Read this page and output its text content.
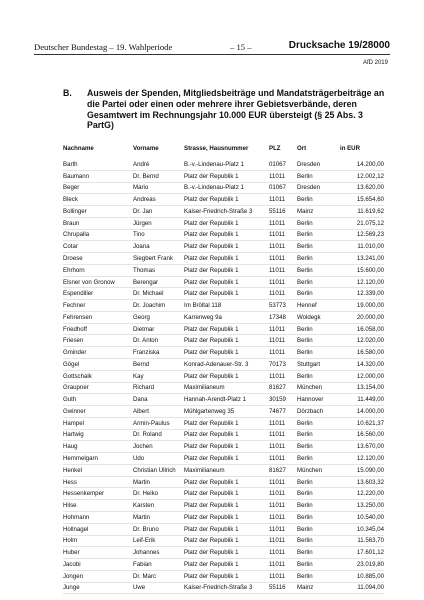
Deutscher Bundestag – 19. Wahlperiode	– 15 –	Drucksache 19/28000
AfD 2019
B. Ausweis der Spenden, Mitgliedsbeiträge und Mandatsträgerbeiträge an die Partei oder einen oder mehrere ihrer Gebietsverbände, deren Gesamtwert im Rechnungsjahr 10.000 EUR übersteigt (§ 25 Abs. 3 PartG)
Nachname	Vorname	Strasse, Hausnummer	PLZ	Ort	in EUR
Barth	André	B.-v.-Lindenau-Platz 1	01067	Dresden	14.200,00
Baumann	Dr. Bernd	Platz der Republik 1	11011	Berlin	12.002,12
Beger	Mario	B.-v.-Lindenau-Platz 1	01067	Dresden	13.620,00
Bleck	Andreas	Platz der Republik 1	11011	Berlin	15.654,60
Bollinger	Dr. Jan	Kaiser-Friedrich-Straße 3	55116	Mainz	11.619,62
Braun	Jürgen	Platz der Republik 1	11011	Berlin	21.075,12
Chrupalla	Tino	Platz der Republik 1	11011	Berlin	12.569,23
Cotar	Joana	Platz der Republik 1	11011	Berlin	11.010,00
Droese	Siegbert Frank	Platz der Republik 1	11011	Berlin	13.241,00
Ehrhorn	Thomas	Platz der Republik 1	11011	Berlin	15.600,00
Elsner von Gronow	Berengar	Platz der Republik 1	11011	Berlin	12.120,00
Espendiller	Dr. Michael	Platz der Republik 1	11011	Berlin	12.339,00
Fechner	Dr. Joachim	Im Bröltal 118	53773	Hennef	19.000,00
Fehrensen	Georg	Karrenweg 9a	17348	Woldegk	20.000,00
Friedhoff	Dietmar	Platz der Republik 1	11011	Berlin	16.058,00
Friesen	Dr. Anton	Platz der Republik 1	11011	Berlin	12.020,00
Gminder	Franziska	Platz der Republik 1	11011	Berlin	16.580,00
Gögel	Bernd	Konrad-Adenauer-Str. 3	70173	Stuttgart	14.320,00
Gottschalk	Kay	Platz der Republik 1	11011	Berlin	12.000,00
Graupner	Richard	Maximilianeum	81627	München	13.154,00
Guth	Dana	Hannah-Arendt-Platz 1	30159	Hannover	11.449,00
Gwinner	Albert	Mühlgartenweg 35	74677	Dörzbach	14.000,00
Hampel	Armin-Paulus	Platz der Republik 1	11011	Berlin	10.621,37
Hartwig	Dr. Roland	Platz der Republik 1	11011	Berlin	16.560,00
Haug	Jochen	Platz der Republik 1	11011	Berlin	13.670,00
Hemmelgarn	Udo	Platz der Republik 1	11011	Berlin	12.120,00
Henkel	Christian Ullrich	Maximilianeum	81627	München	15.090,00
Hess	Martin	Platz der Republik 1	11011	Berlin	13.603,32
Hessenkemper	Dr. Heiko	Platz der Republik 1	11011	Berlin	12.220,00
Hilse	Karsten	Platz der Republik 1	11011	Berlin	13.250,00
Hohmann	Martin	Platz der Republik 1	11011	Berlin	10.540,00
Hollnagel	Dr. Bruno	Platz der Republik 1	11011	Berlin	10.345,04
Holm	Leif-Erik	Platz der Republik 1	11011	Berlin	11.563,70
Huber	Johannes	Platz der Republik 1	11011	Berlin	17.601,12
Jacobi	Fabian	Platz der Republik 1	11011	Berlin	23.019,80
Jongen	Dr. Marc	Platz der Republik 1	11011	Berlin	10.885,00
Junge	Uwe	Kaiser-Friedrich-Straße 3	55116	Mainz	11.094,00
